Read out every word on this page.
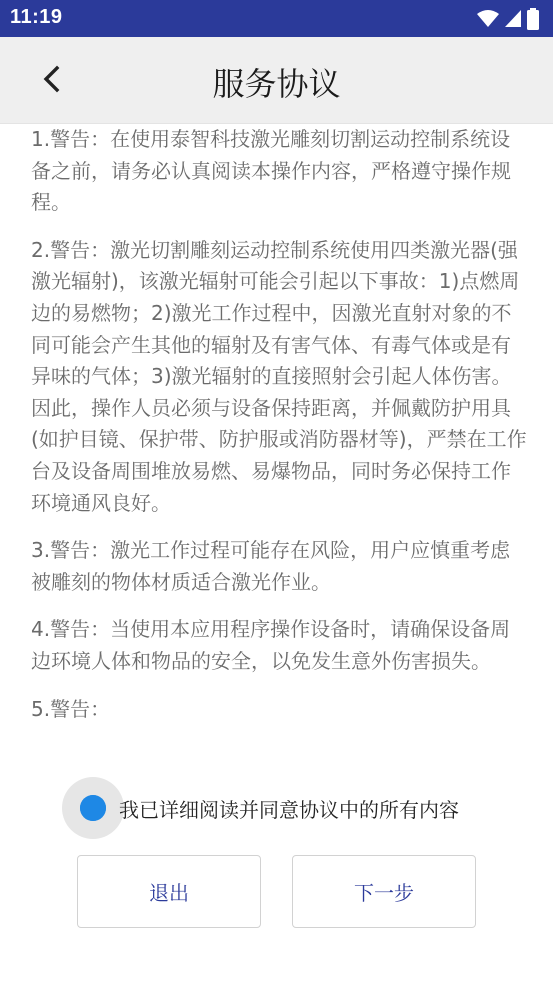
11:19
服务协议

1.警告：在使用泰智科技激光雕刻切割运动控制系统设备之前，请务必认真阅读本操作内容，严格遵守操作规程。

2.警告：激光切割雕刻运动控制系统使用四类激光器(强激光辐射)，该激光辐射可能会引起以下事故：1)点燃周边的易燃物；2)激光工作过程中，因激光直射对象的不同可能会产生其他的辐射及有害气体、有毒气体或是有异味的气体；3)激光辐射的直接照射会引起人体伤害。因此，操作人员必须与设备保持距离，并佩戴防护用具(如护目镜、保护带、防护服或消防器材等)，严禁在工作台及设备周围堆放易燃、易爆物品，同时务必保持工作环境通风良好。

3.警告：激光工作过程可能存在风险，用户应慎重考虑被雕刻的物体材质适合激光作业。

4.警告：当使用本应用程序操作设备时，请确保设备周边环境人体和物品的安全，以免发生意外伤害损失。

5.警告：

我已详细阅读并同意协议中的所有内容
退出	下一步
